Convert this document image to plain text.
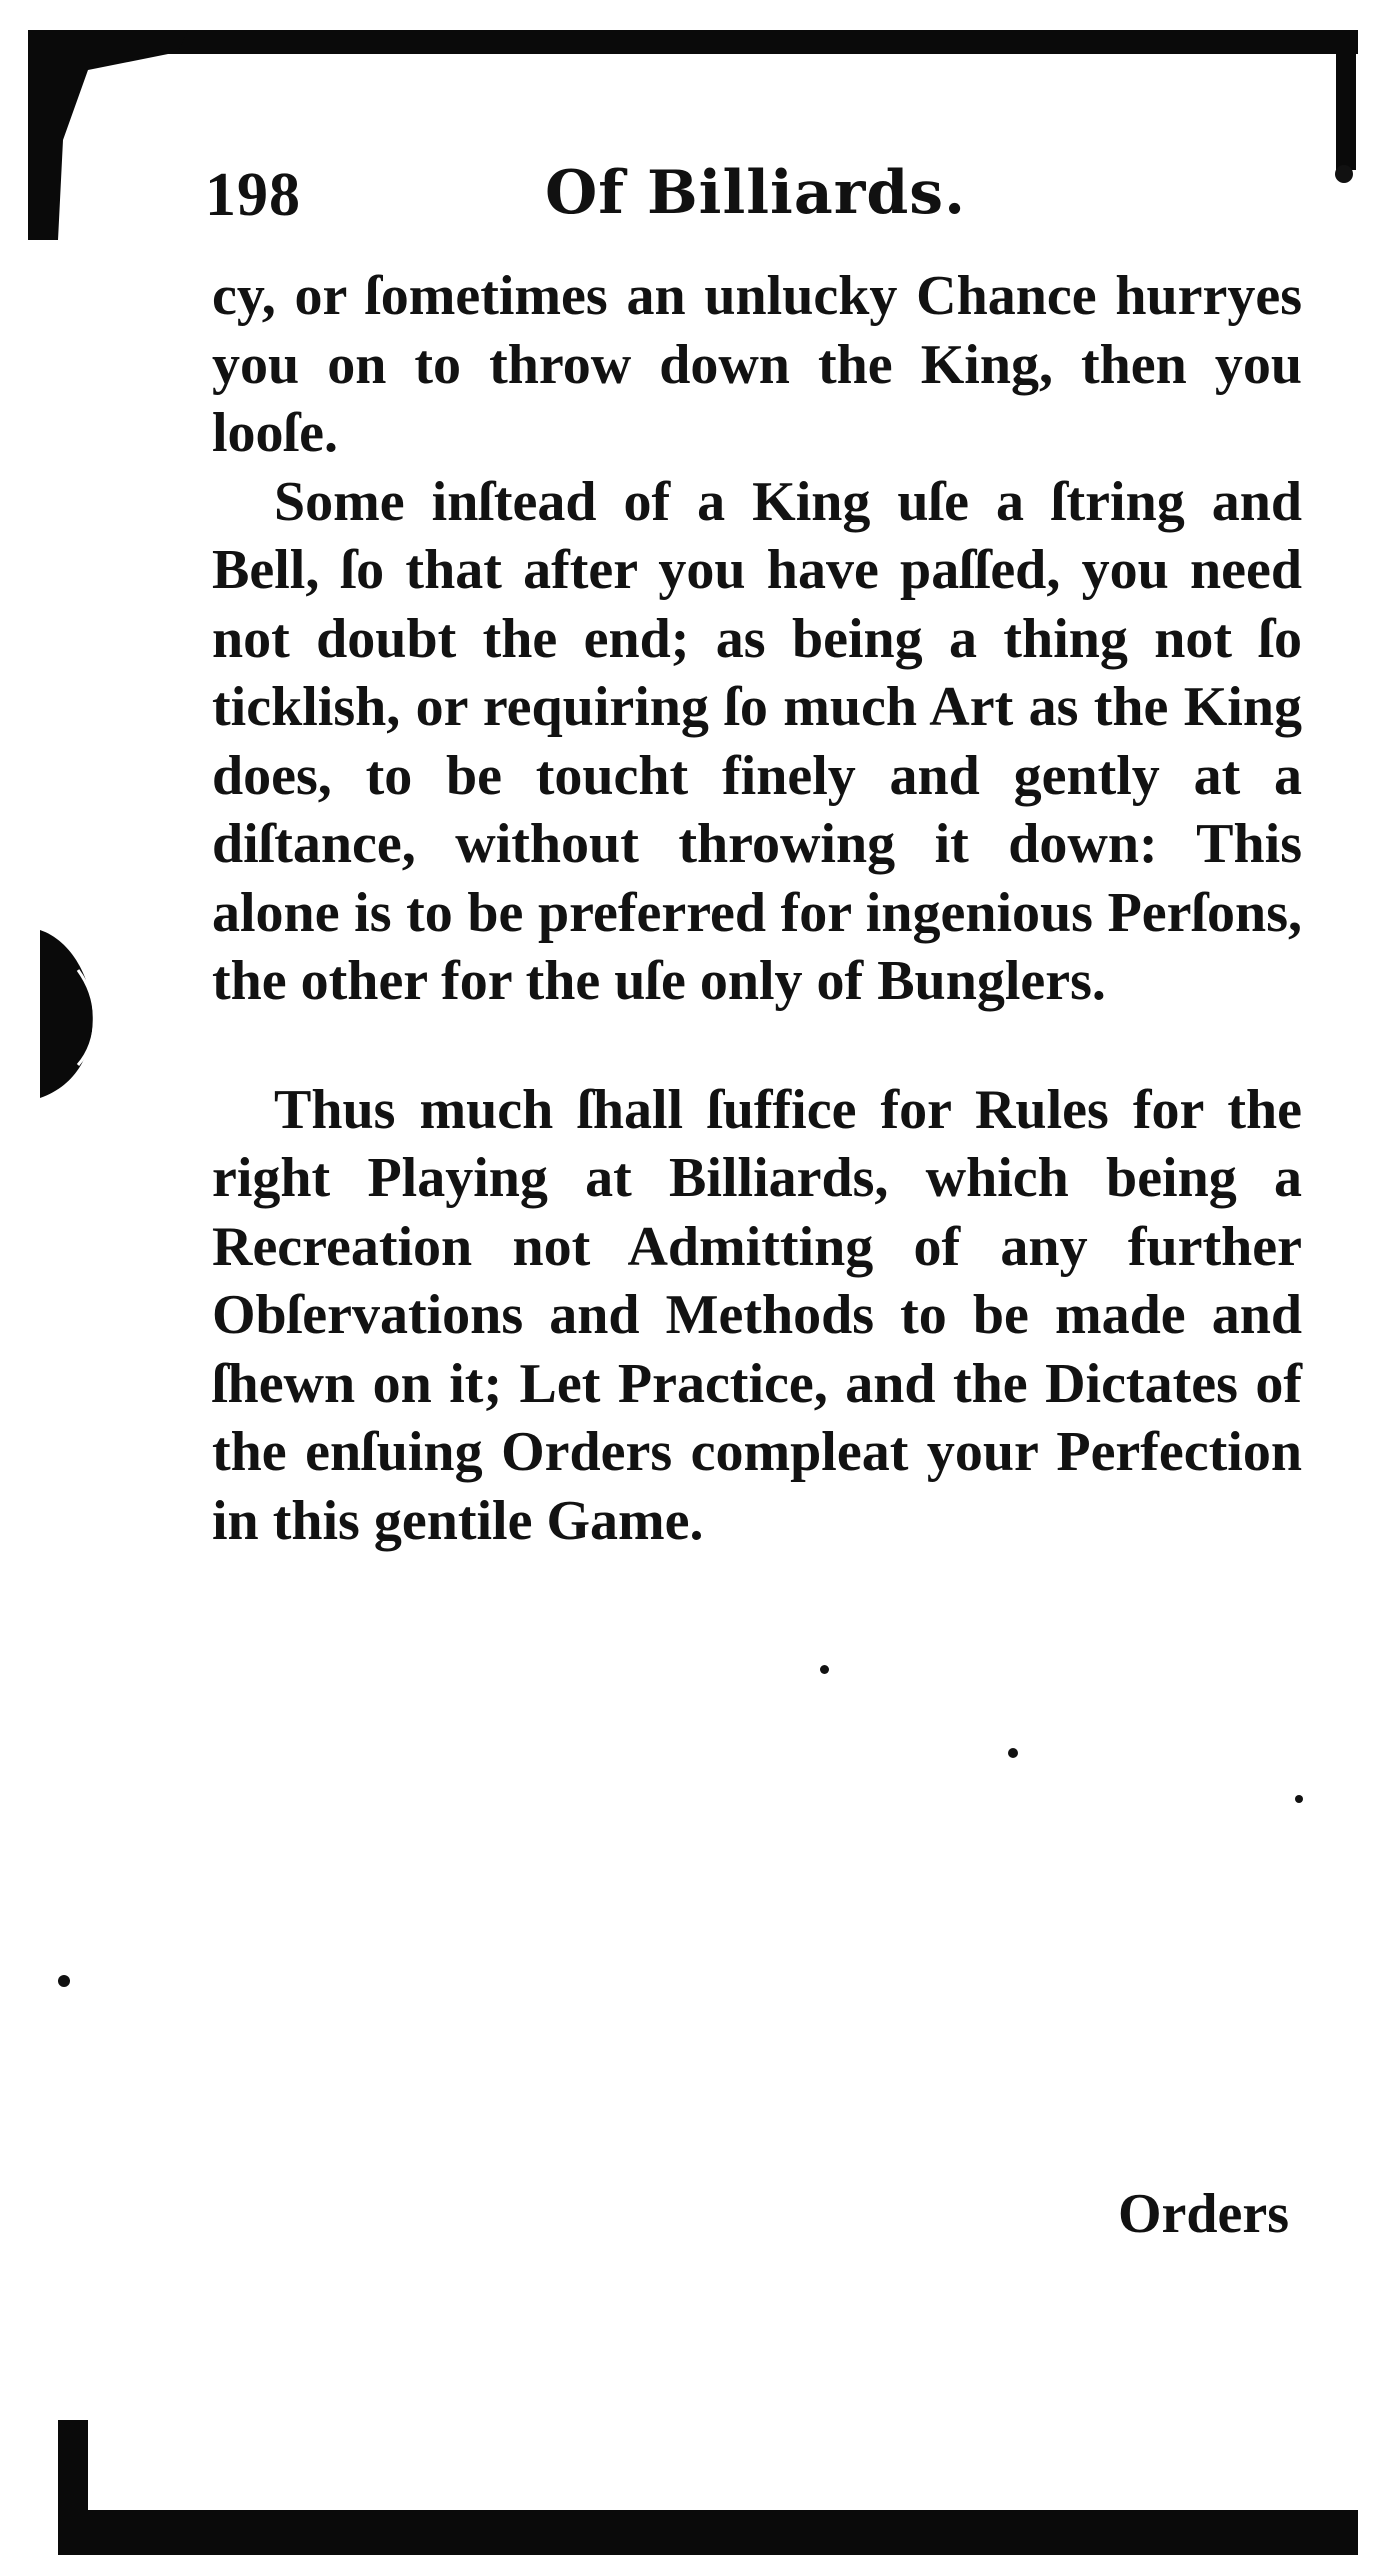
198	Of Billiards.

cy, or ſometimes an unlucky Chance hurryes you on to throw down the King, then you looſe.

Some inſtead of a King uſe a ſtring and Bell, ſo that after you have paſſed, you need not doubt the end; as being a thing not ſo ticklish, or requiring ſo much Art as the King does, to be toucht finely and gently at a diſtance, without throwing it down: This alone is to be preferred for ingenious Perſons, the other for the uſe only of Bunglers.

Thus much ſhall ſuffice for Rules for the right Playing at Billiards, which being a Recreation not Admitting of any further Obſervations and Methods to be made and ſhewn on it; Let Practice, and the Dictates of the enſuing Orders compleat your Perfection in this gentile Game.

Orders
